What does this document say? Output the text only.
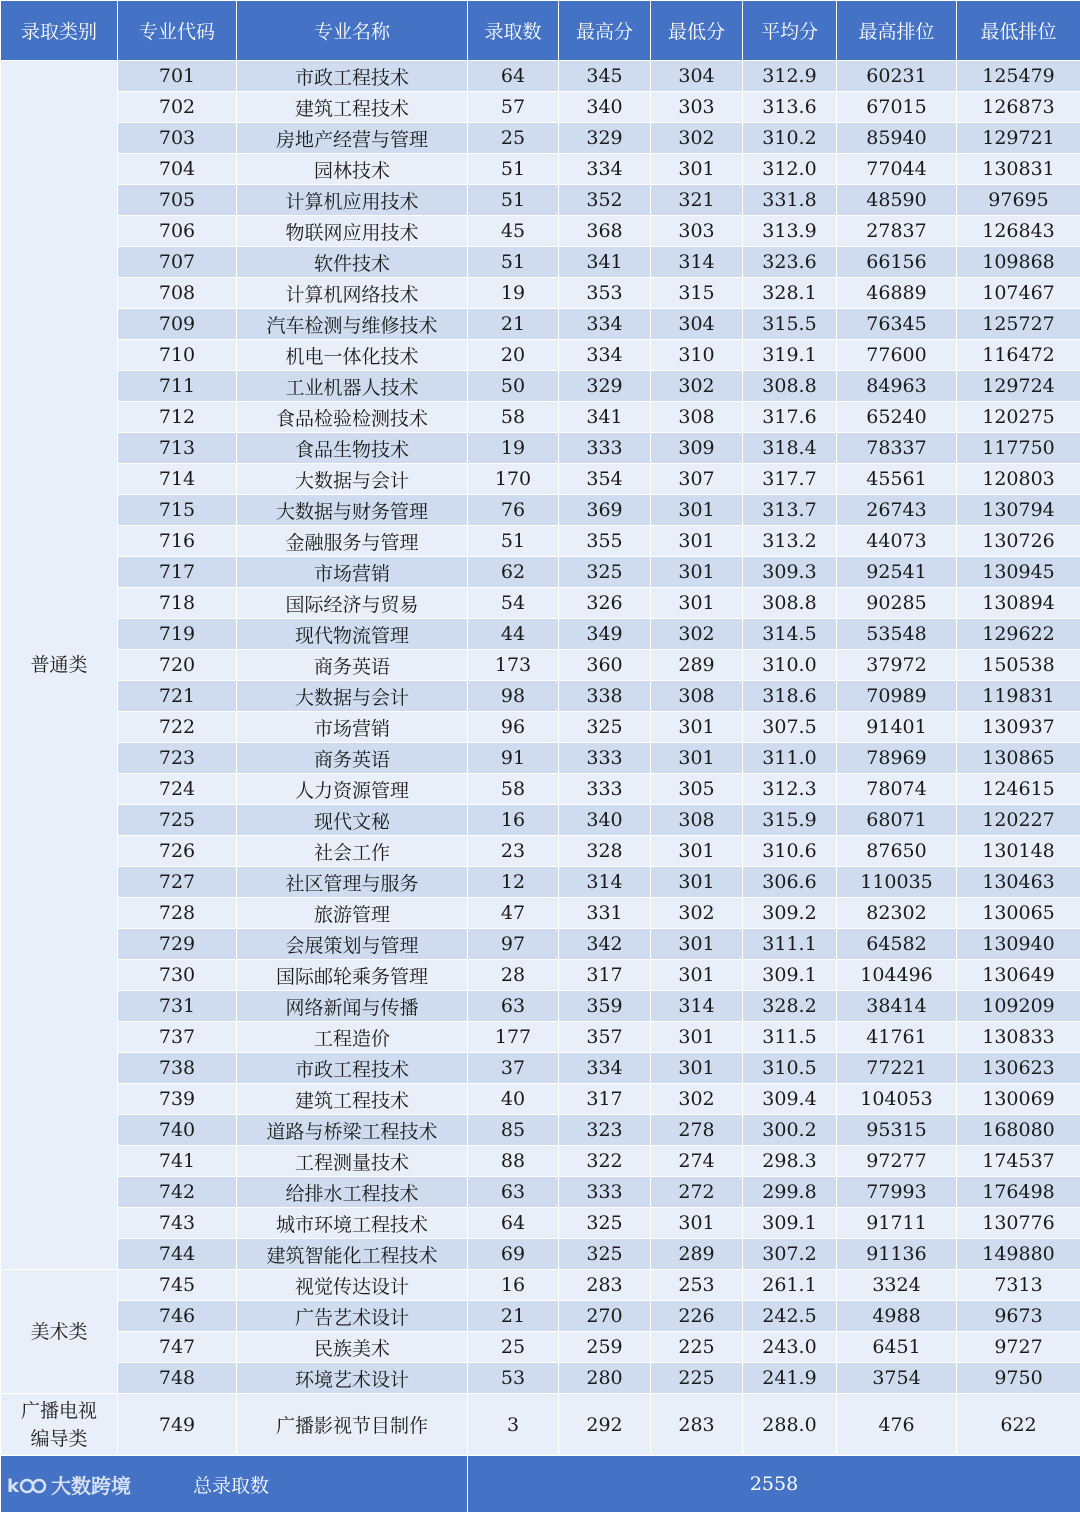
录取类别	专业代码	专业名称	录取数	最高分	最低分	平均分	最高排位	最低排位
普通类	701	市政工程技术	64	345	304	312.9	60231	125479
	702	建筑工程技术	57	340	303	313.6	67015	126873
	703	房地产经营与管理	25	329	302	310.2	85940	129721
	704	园林技术	51	334	301	312.0	77044	130831
	705	计算机应用技术	51	352	321	331.8	48590	97695
	706	物联网应用技术	45	368	303	313.9	27837	126843
	707	软件技术	51	341	314	323.6	66156	109868
	708	计算机网络技术	19	353	315	328.1	46889	107467
	709	汽车检测与维修技术	21	334	304	315.5	76345	125727
	710	机电一体化技术	20	334	310	319.1	77600	116472
	711	工业机器人技术	50	329	302	308.8	84963	129724
	712	食品检验检测技术	58	341	308	317.6	65240	120275
	713	食品生物技术	19	333	309	318.4	78337	117750
	714	大数据与会计	170	354	307	317.7	45561	120803
	715	大数据与财务管理	76	369	301	313.7	26743	130794
	716	金融服务与管理	51	355	301	313.2	44073	130726
	717	市场营销	62	325	301	309.3	92541	130945
	718	国际经济与贸易	54	326	301	308.8	90285	130894
	719	现代物流管理	44	349	302	314.5	53548	129622
	720	商务英语	173	360	289	310.0	37972	150538
	721	大数据与会计	98	338	308	318.6	70989	119831
	722	市场营销	96	325	301	307.5	91401	130937
	723	商务英语	91	333	301	311.0	78969	130865
	724	人力资源管理	58	333	305	312.3	78074	124615
	725	现代文秘	16	340	308	315.9	68071	120227
	726	社会工作	23	328	301	310.6	87650	130148
	727	社区管理与服务	12	314	301	306.6	110035	130463
	728	旅游管理	47	331	302	309.2	82302	130065
	729	会展策划与管理	97	342	301	311.1	64582	130940
	730	国际邮轮乘务管理	28	317	301	309.1	104496	130649
	731	网络新闻与传播	63	359	314	328.2	38414	109209
	737	工程造价	177	357	301	311.5	41761	130833
	738	市政工程技术	37	334	301	310.5	77221	130623
	739	建筑工程技术	40	317	302	309.4	104053	130069
	740	道路与桥梁工程技术	85	323	278	300.2	95315	168080
	741	工程测量技术	88	322	274	298.3	97277	174537
	742	给排水工程技术	63	333	272	299.8	77993	176498
	743	城市环境工程技术	64	325	301	309.1	91711	130776
	744	建筑智能化工程技术	69	325	289	307.2	91136	149880
美术类	745	视觉传达设计	16	283	253	261.1	3324	7313
	746	广告艺术设计	21	270	226	242.5	4988	9673
	747	民族美术	25	259	225	243.0	6451	9727
	748	环境艺术设计	53	280	225	241.9	3754	9750
广播电视编导类	749	广播影视节目制作	3	292	283	288.0	476	622

k 大数跨境 总录取数			2558					
